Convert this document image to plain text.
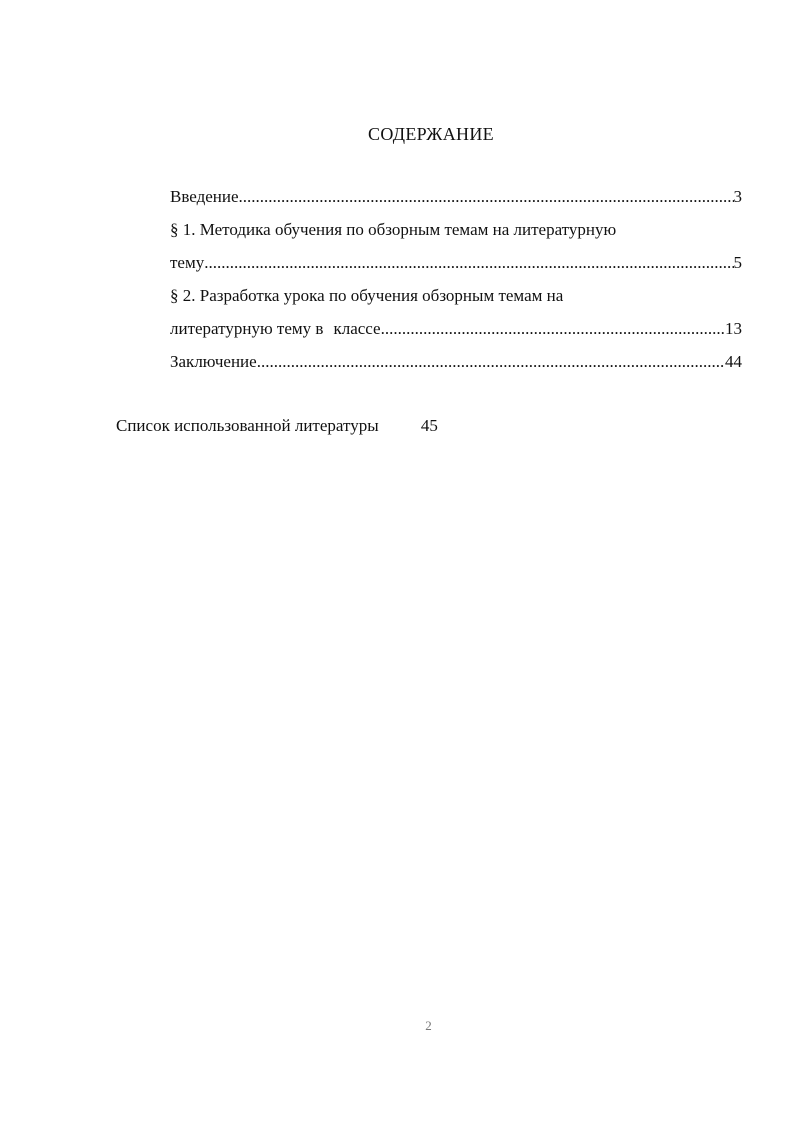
СОДЕРЖАНИЕ
Введение .....	3
§ 1. Методика обучения по обзорным темам на литературную
тему .....	5
§ 2. Разработка урока по обучения обзорным темам на
литературную тему в классе .....	13
Заключение .....	44
Список использованной литературы 45
2
